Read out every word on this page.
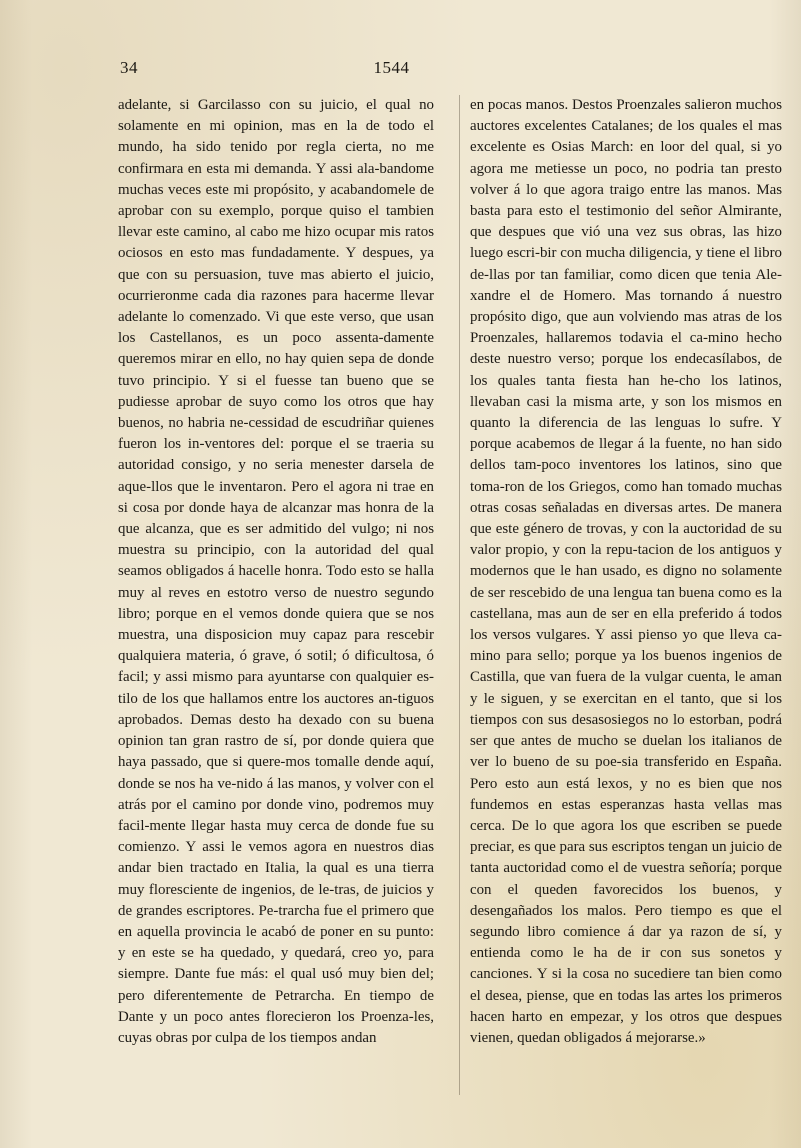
34	1544

adelante, si Garcilasso con su juicio, el qual no solamente en mi opinion, mas en la de todo el mundo, ha sido tenido por regla cierta, no me confirmara en esta mi demanda. Y assi ala-bandome muchas veces este mi propósito, y acabandomele de aprobar con su exemplo, porque quiso el tambien llevar este camino, al cabo me hizo ocupar mis ratos ociosos en esto mas fundadamente. Y despues, ya que con su persuasion, tuve mas abierto el juicio, ocurrieronme cada dia razones para hacerme llevar adelante lo comenzado. Vi que este verso, que usan los Castellanos, es un poco assenta-damente queremos mirar en ello, no hay quien sepa de donde tuvo principio. Y si el fuesse tan bueno que se pudiesse aprobar de suyo como los otros que hay buenos, no habria ne-cessidad de escudriñar quienes fueron los in-ventores del: porque el se traeria su autoridad consigo, y no seria menester darsela de aque-llos que le inventaron. Pero el agora ni trae en si cosa por donde haya de alcanzar mas honra de la que alcanza, que es ser admitido del vulgo; ni nos muestra su principio, con la autoridad del qual seamos obligados á hacelle honra. Todo esto se halla muy al reves en estotro verso de nuestro segundo libro; porque en el vemos donde quiera que se nos muestra, una disposicion muy capaz para rescebir qualquiera materia, ó grave, ó sotil; ó dificultosa, ó facil; y assi mismo para ayuntarse con qualquier es-tilo de los que hallamos entre los auctores an-tiguos aprobados. Demas desto ha dexado con su buena opinion tan gran rastro de sí, por donde quiera que haya passado, que si quere-mos tomalle dende aquí, donde se nos ha ve-nido á las manos, y volver con el atrás por el camino por donde vino, podremos muy facil-mente llegar hasta muy cerca de donde fue su comienzo. Y assi le vemos agora en nuestros dias andar bien tractado en Italia, la qual es una tierra muy floresciente de ingenios, de le-tras, de juicios y de grandes escriptores. Pe-trarcha fue el primero que en aquella provincia le acabó de poner en su punto: y en este se ha quedado, y quedará, creo yo, para siempre. Dante fue más: el qual usó muy bien del; pero diferentemente de Petrarcha. En tiempo de Dante y un poco antes florecieron los Proenza-les, cuyas obras por culpa de los tiempos andan

en pocas manos. Destos Proenzales salieron muchos auctores excelentes Catalanes; de los quales el mas excelente es Osias March: en loor del qual, si yo agora me metiesse un poco, no podria tan presto volver á lo que agora traigo entre las manos. Mas basta para esto el testimonio del señor Almirante, que despues que vió una vez sus obras, las hizo luego escri-bir con mucha diligencia, y tiene el libro de-llas por tan familiar, como dicen que tenia Ale-xandre el de Homero. Mas tornando á nuestro propósito digo, que aun volviendo mas atras de los Proenzales, hallaremos todavia el ca-mino hecho deste nuestro verso; porque los endecasílabos, de los quales tanta fiesta han he-cho los latinos, llevaban casi la misma arte, y son los mismos en quanto la diferencia de las lenguas lo sufre. Y porque acabemos de llegar á la fuente, no han sido dellos tam-poco inventores los latinos, sino que toma-ron de los Griegos, como han tomado muchas otras cosas señaladas en diversas artes. De manera que este género de trovas, y con la auctoridad de su valor propio, y con la repu-tacion de los antiguos y modernos que le han usado, es digno no solamente de ser rescebido de una lengua tan buena como es la castellana, mas aun de ser en ella preferido á todos los versos vulgares. Y assi pienso yo que lleva ca-mino para sello; porque ya los buenos ingenios de Castilla, que van fuera de la vulgar cuenta, le aman y le siguen, y se exercitan en el tanto, que si los tiempos con sus desasosiegos no lo estorban, podrá ser que antes de mucho se duelan los italianos de ver lo bueno de su poe-sia transferido en España. Pero esto aun está lexos, y no es bien que nos fundemos en estas esperanzas hasta vellas mas cerca. De lo que agora los que escriben se puede preciar, es que para sus escriptos tengan un juicio de tanta auctoridad como el de vuestra señoría; porque con el queden favorecidos los buenos, y desengañados los malos. Pero tiempo es que el segundo libro comience á dar ya razon de sí, y entienda como le ha de ir con sus sonetos y canciones. Y si la cosa no sucediere tan bien como el desea, piense, que en todas las artes los primeros hacen harto en empezar, y los otros que despues vienen, quedan obligados á mejorarse.»
